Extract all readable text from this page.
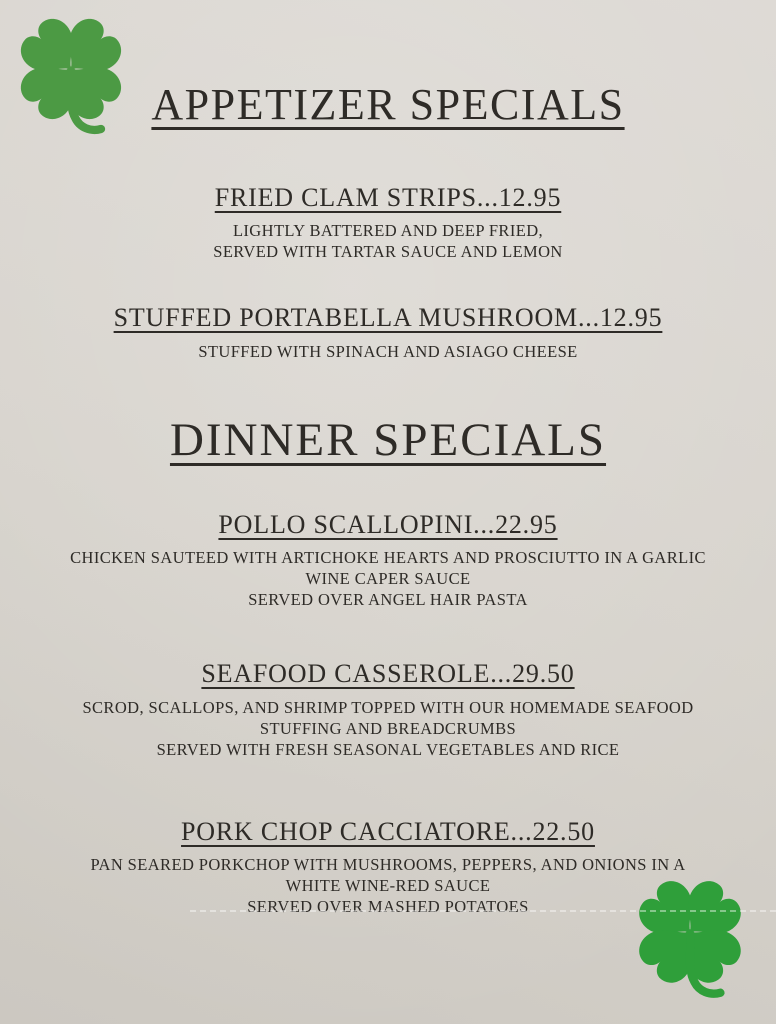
APPETIZER SPECIALS
FRIED CLAM STRIPS...12.95

LIGHTLY BATTERED AND DEEP FRIED,

SERVED WITH TARTAR SAUCE AND LEMON

STUFFED PORTABELLA MUSHROOM...12.95

STUFFED WITH SPINACH AND ASIAGO CHEESE

DINNER SPECIALS
POLLO SCALLOPINI...22.95

CHICKEN SAUTEED WITH ARTICHOKE HEARTS AND PROSCIUTTO IN A GARLIC

WINE CAPER SAUCE

SERVED OVER ANGEL HAIR PASTA

SEAFOOD CASSEROLE...29.50

SCROD, SCALLOPS, AND SHRIMP TOPPED WITH OUR HOMEMADE SEAFOOD

STUFFING AND BREADCRUMBS

SERVED WITH FRESH SEASONAL VEGETABLES AND RICE

PORK CHOP CACCIATORE...22.50

PAN SEARED PORKCHOP WITH MUSHROOMS, PEPPERS, AND ONIONS IN A

WHITE WINE-RED SAUCE

SERVED OVER MASHED POTATOES
